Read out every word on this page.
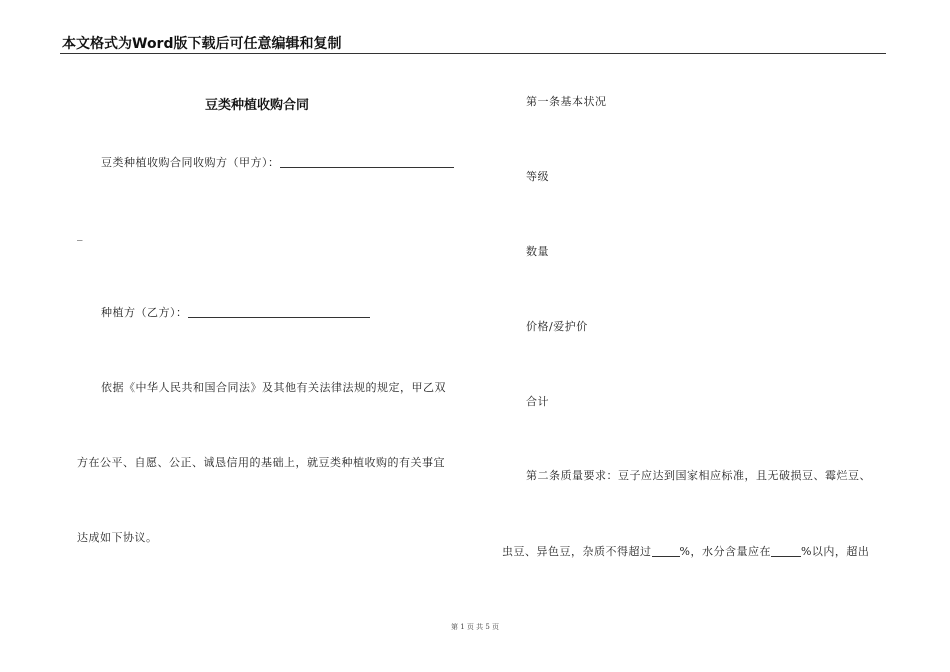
本文格式为Word版下载后可任意编辑和复制
豆类种植收购合同
豆类种植收购合同收购方（甲方）：
_
种植方（乙方）：
依据《中华人民共和国合同法》及其他有关法律法规的规定，甲乙双
方在公平、自愿、公正、诚恳信用的基础上，就豆类种植收购的有关事宜
达成如下协议。
第一条基本状况
等级
数量
价格/爱护价
合计
第二条质量要求：豆子应达到国家相应标准，且无破损豆、霉烂豆、
虫豆、异色豆，杂质不得超过	%，水分含量应在	%以内，超出
第 1 页 共 5 页
